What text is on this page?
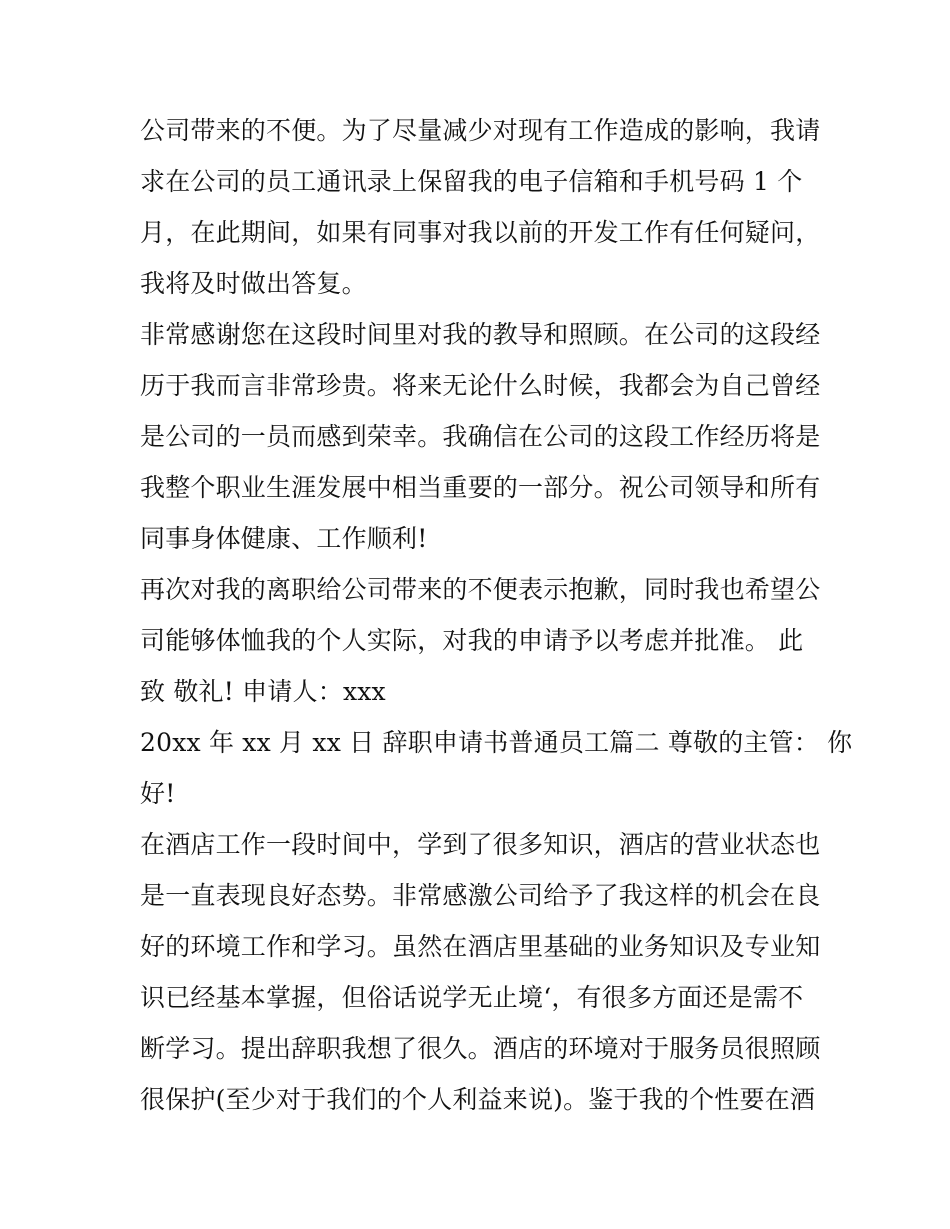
公司带来的不便。为了尽量减少对现有工作造成的影响，我请
求在公司的员工通讯录上保留我的电子信箱和手机号码 1 个
月，在此期间，如果有同事对我以前的开发工作有任何疑问，
我将及时做出答复。
非常感谢您在这段时间里对我的教导和照顾。在公司的这段经
历于我而言非常珍贵。将来无论什么时候，我都会为自己曾经
是公司的一员而感到荣幸。我确信在公司的这段工作经历将是
我整个职业生涯发展中相当重要的一部分。祝公司领导和所有
同事身体健康、工作顺利!
再次对我的离职给公司带来的不便表示抱歉，同时我也希望公
司能够体恤我的个人实际，对我的申请予以考虑并批准。 此
致 敬礼! 申请人：xxx
20xx 年 xx 月 xx 日 辞职申请书普通员工篇二 尊敬的主管： 你
好!
在酒店工作一段时间中，学到了很多知识，酒店的营业状态也
是一直表现良好态势。非常感激公司给予了我这样的机会在良
好的环境工作和学习。虽然在酒店里基础的业务知识及专业知
识已经基本掌握，但俗话说学无止境‘，有很多方面还是需不
断学习。提出辞职我想了很久。酒店的环境对于服务员很照顾
很保护(至少对于我们的个人利益来说)。鉴于我的个性要在酒
